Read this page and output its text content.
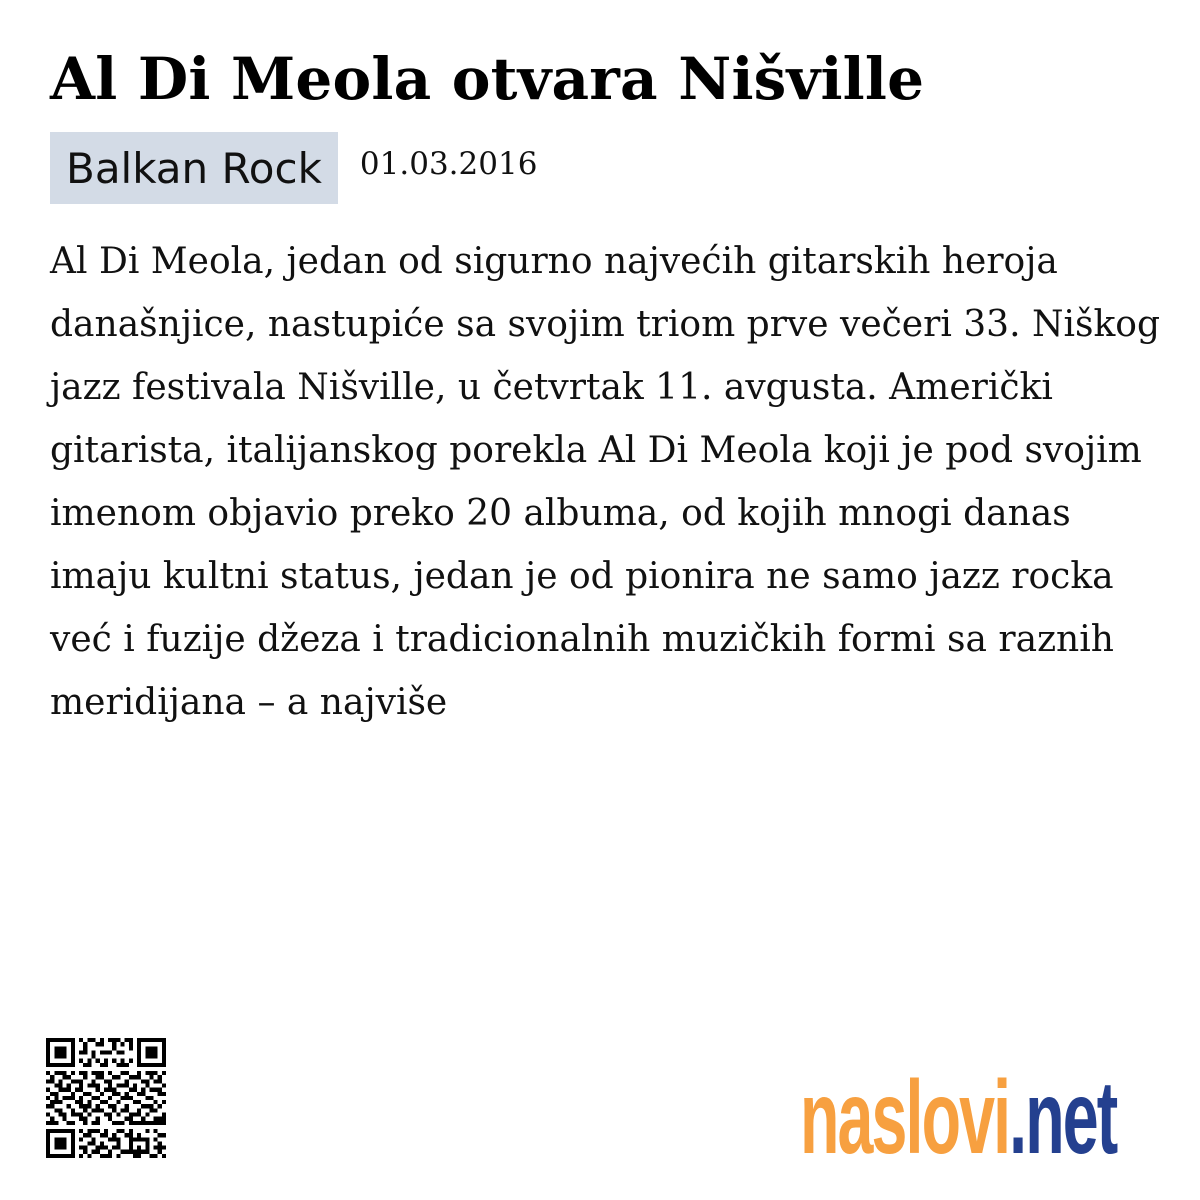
Al Di Meola otvara Nišville
Balkan Rock	01.03.2016

Al Di Meola, jedan od sigurno najvećih gitarskih heroja današnjice, nastupiće sa svojim triom prve večeri 33. Niškog jazz festivala Nišville, u četvrtak 11. avgusta. Američki gitarista, italijanskog porekla Al Di Meola koji je pod svojim imenom objavio preko 20 albuma, od kojih mnogi danas imaju kultni status, jedan je od pionira ne samo jazz rocka već i fuzije džeza i tradicionalnih muzičkih formi sa raznih meridijana – a najviše

naslovi . net
